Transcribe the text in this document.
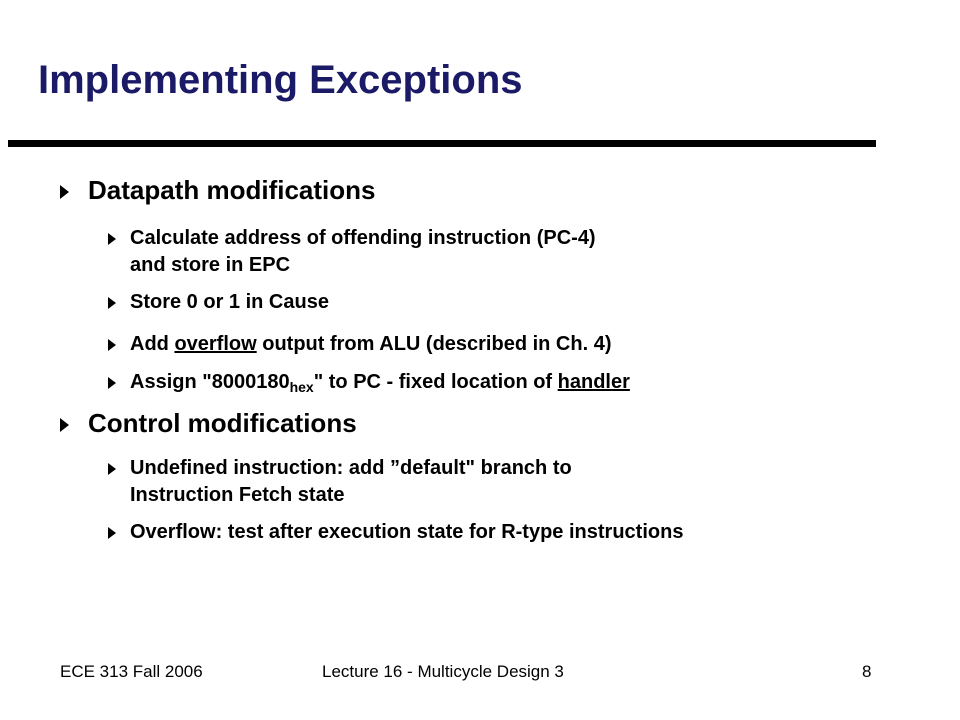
Implementing Exceptions
Datapath modifications
Calculate address of offending instruction (PC-4)
and store in EPC
Store 0 or 1 in Cause
Add overflow output from ALU (described in Ch. 4)
Assign "$8000180_{hex}$" to PC - fixed location of handler
Control modifications
Undefined instruction: add ”default" branch to
Instruction Fetch state
Overflow: test after execution state for R-type instructions
ECE 313 Fall 2006	Lecture 16 - Multicycle Design 3	8
